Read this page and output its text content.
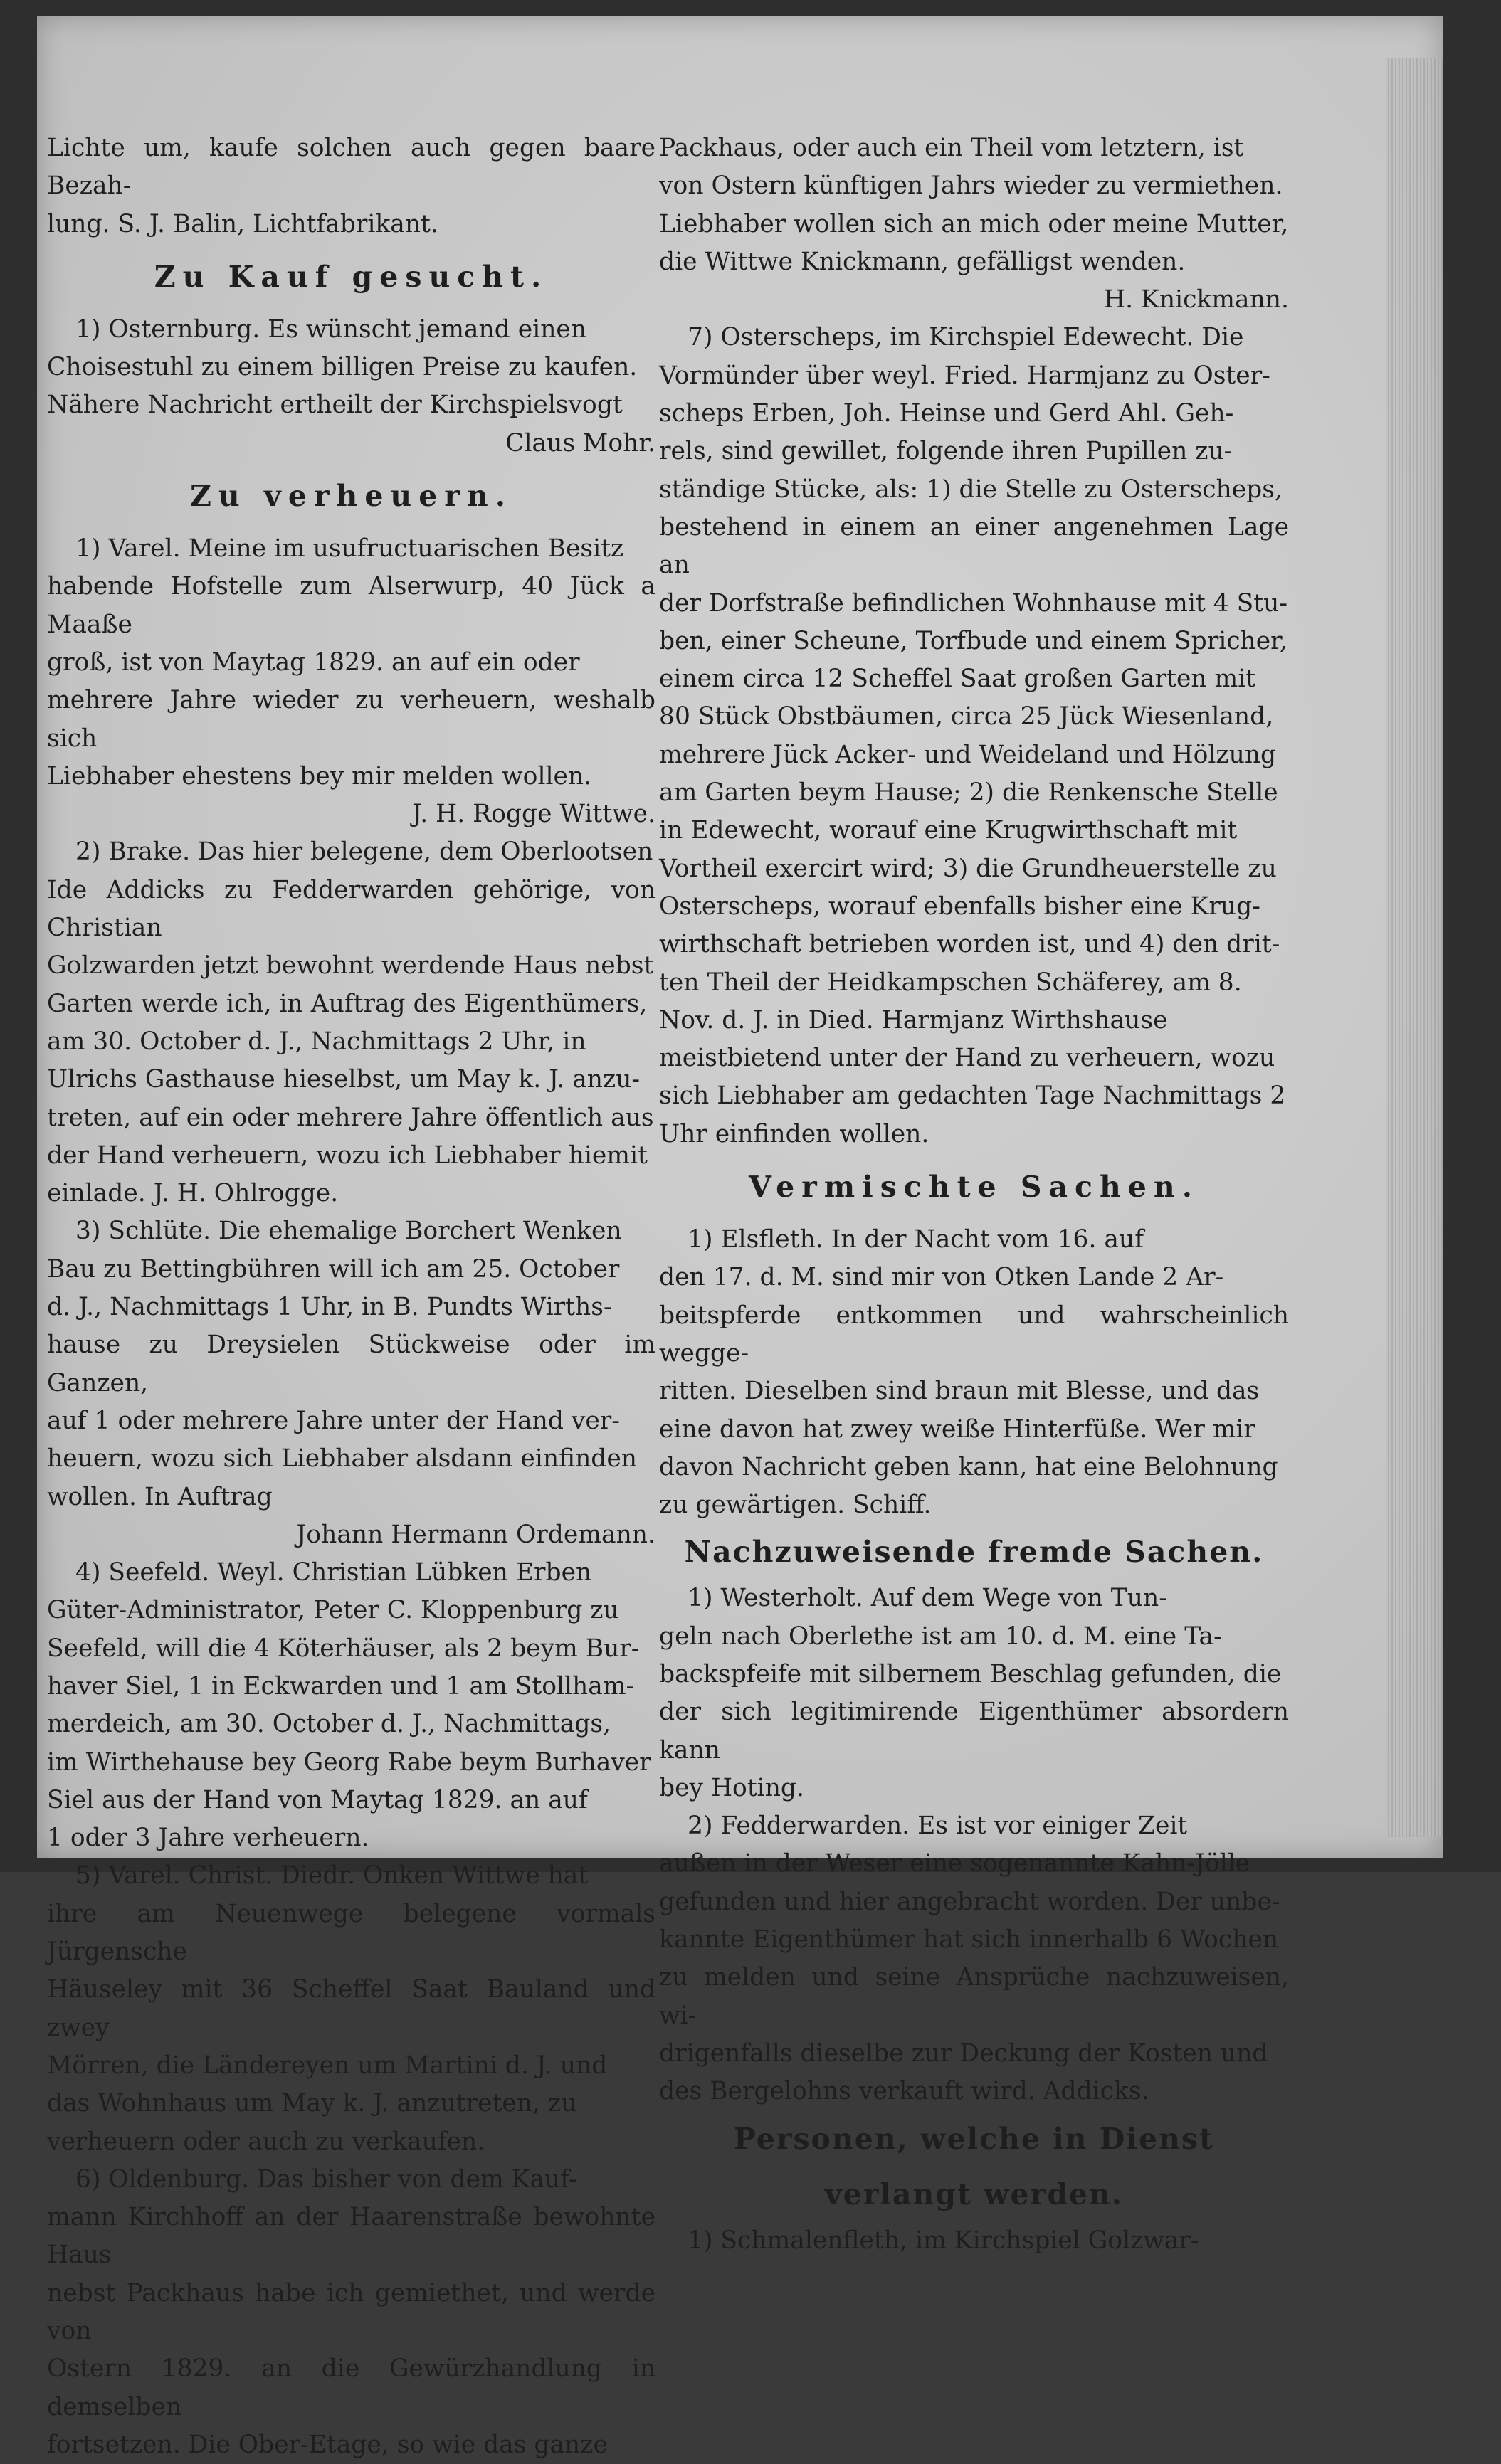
Lichte um, kaufe solchen auch gegen baare Bezah-
lung. S. J. Balin, Lichtfabrikant.
Zu Kauf gesucht.
1) Osternburg. Es wünscht jemand einen
Choisestuhl zu einem billigen Preise zu kaufen.
Nähere Nachricht ertheilt der Kirchspielsvogt
Claus Mohr.
Zu verheuern.
1) Varel. Meine im usufructuarischen Besitz
habende Hofstelle zum Alserwurp, 40 Jück a Maaße
groß, ist von Maytag 1829. an auf ein oder
mehrere Jahre wieder zu verheuern, weshalb sich
Liebhaber ehestens bey mir melden wollen.
J. H. Rogge Wittwe.
2) Brake. Das hier belegene, dem Oberlootsen
Ide Addicks zu Fedderwarden gehörige, von Christian
Golzwarden jetzt bewohnt werdende Haus nebst
Garten werde ich, in Auftrag des Eigenthümers,
am 30. October d. J., Nachmittags 2 Uhr, in
Ulrichs Gasthause hieselbst, um May k. J. anzu-
treten, auf ein oder mehrere Jahre öffentlich aus
der Hand verheuern, wozu ich Liebhaber hiemit
einlade. J. H. Ohlrogge.
3) Schlüte. Die ehemalige Borchert Wenken
Bau zu Bettingbühren will ich am 25. October
d. J., Nachmittags 1 Uhr, in B. Pundts Wirths-
hause zu Dreysielen Stückweise oder im Ganzen,
auf 1 oder mehrere Jahre unter der Hand ver-
heuern, wozu sich Liebhaber alsdann einfinden
wollen. In Auftrag
Johann Hermann Ordemann.
4) Seefeld. Weyl. Christian Lübken Erben
Güter-Administrator, Peter C. Kloppenburg zu
Seefeld, will die 4 Köterhäuser, als 2 beym Bur-
haver Siel, 1 in Eckwarden und 1 am Stollham-
merdeich, am 30. October d. J., Nachmittags,
im Wirthehause bey Georg Rabe beym Burhaver
Siel aus der Hand von Maytag 1829. an auf
1 oder 3 Jahre verheuern.
5) Varel. Christ. Diedr. Onken Wittwe hat
ihre am Neuenwege belegene vormals Jürgensche
Häuseley mit 36 Scheffel Saat Bauland und zwey
Mörren, die Ländereyen um Martini d. J. und
das Wohnhaus um May k. J. anzutreten, zu
verheuern oder auch zu verkaufen.
6) Oldenburg. Das bisher von dem Kauf-
mann Kirchhoff an der Haarenstraße bewohnte Haus
nebst Packhaus habe ich gemiethet, und werde von
Ostern 1829. an die Gewürzhandlung in demselben
fortsetzen. Die Ober-Etage, so wie das ganze
Packhaus, oder auch ein Theil vom letztern, ist
von Ostern künftigen Jahrs wieder zu vermiethen.
Liebhaber wollen sich an mich oder meine Mutter,
die Wittwe Knickmann, gefälligst wenden.
H. Knickmann.
7) Osterscheps, im Kirchspiel Edewecht. Die
Vormünder über weyl. Fried. Harmjanz zu Oster-
scheps Erben, Joh. Heinse und Gerd Ahl. Geh-
rels, sind gewillet, folgende ihren Pupillen zu-
ständige Stücke, als: 1) die Stelle zu Osterscheps,
bestehend in einem an einer angenehmen Lage an
der Dorfstraße befindlichen Wohnhause mit 4 Stu-
ben, einer Scheune, Torfbude und einem Spricher,
einem circa 12 Scheffel Saat großen Garten mit
80 Stück Obstbäumen, circa 25 Jück Wiesenland,
mehrere Jück Acker- und Weideland und Hölzung
am Garten beym Hause; 2) die Renkensche Stelle
in Edewecht, worauf eine Krugwirthschaft mit
Vortheil exercirt wird; 3) die Grundheuerstelle zu
Osterscheps, worauf ebenfalls bisher eine Krug-
wirthschaft betrieben worden ist, und 4) den drit-
ten Theil der Heidkampschen Schäferey, am 8.
Nov. d. J. in Died. Harmjanz Wirthshause
meistbietend unter der Hand zu verheuern, wozu
sich Liebhaber am gedachten Tage Nachmittags 2
Uhr einfinden wollen.
Vermischte Sachen.
1) Elsfleth. In der Nacht vom 16. auf
den 17. d. M. sind mir von Otken Lande 2 Ar-
beitspferde entkommen und wahrscheinlich wegge-
ritten. Dieselben sind braun mit Blesse, und das
eine davon hat zwey weiße Hinterfüße. Wer mir
davon Nachricht geben kann, hat eine Belohnung
zu gewärtigen. Schiff.
Nachzuweisende fremde Sachen.
1) Westerholt. Auf dem Wege von Tun-
geln nach Oberlethe ist am 10. d. M. eine Ta-
backspfeife mit silbernem Beschlag gefunden, die
der sich legitimirende Eigenthümer absordern kann
bey Hoting.
2) Fedderwarden. Es ist vor einiger Zeit
außen in der Weser eine sogenannte Kahn-Jölle
gefunden und hier angebracht worden. Der unbe-
kannte Eigenthümer hat sich innerhalb 6 Wochen
zu melden und seine Ansprüche nachzuweisen, wi-
drigenfalls dieselbe zur Deckung der Kosten und
des Bergelohns verkauft wird. Addicks.
Personen, welche in Dienst verlangt werden.
1) Schmalenfleth, im Kirchspiel Golzwar-
